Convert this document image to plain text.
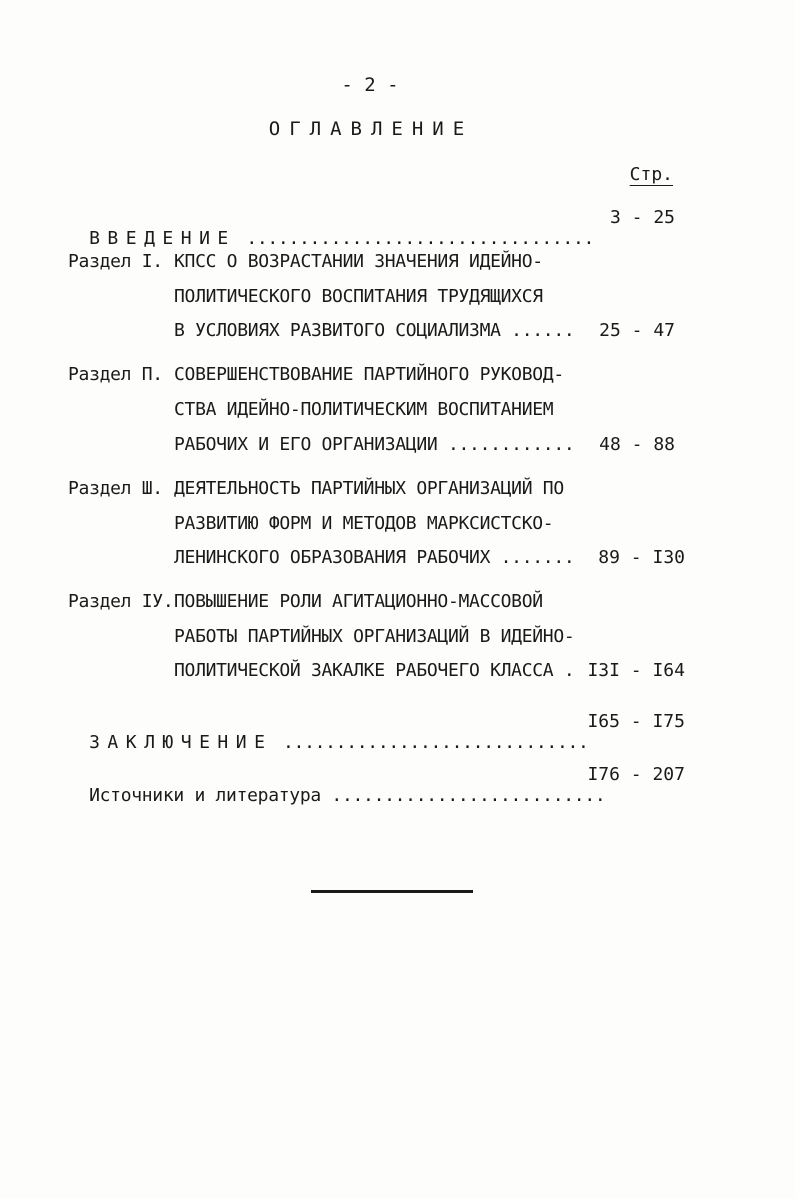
- 2 -
ОГЛАВЛЕНИЕ
Стр.

ВВЕДЕНИЕ .................................

3 - 25
Раздел I. КПСС О ВОЗРАСТАНИИ ЗНАЧЕНИЯ ИДЕЙНО-
ПОЛИТИЧЕСКОГО ВОСПИТАНИЯ ТРУДЯЩИХСЯ
В УСЛОВИЯХ РАЗВИТОГО СОЦИАЛИЗМА ...... 25 - 47
Раздел П. СОВЕРШЕНСТВОВАНИЕ ПАРТИЙНОГО РУКОВОД-
СТВА ИДЕЙНО-ПОЛИТИЧЕСКИМ ВОСПИТАНИЕМ
РАБОЧИХ И ЕГО ОРГАНИЗАЦИИ ............ 48 - 88
Раздел Ш. ДЕЯТЕЛЬНОСТЬ ПАРТИЙНЫХ ОРГАНИЗАЦИЙ ПО
РАЗВИТИЮ ФОРМ И МЕТОДОВ МАРКСИСТСКО-
ЛЕНИНСКОГО ОБРАЗОВАНИЯ РАБОЧИХ ....... 89 - I30
Раздел IУ. ПОВЫШЕНИЕ РОЛИ АГИТАЦИОННО-МАССОВОЙ
РАБОТЫ ПАРТИЙНЫХ ОРГАНИЗАЦИЙ В ИДЕЙНО-
ПОЛИТИЧЕСКОЙ ЗАКАЛКЕ РАБОЧЕГО КЛАССА . I3I - I64

ЗАКЛЮЧЕНИЕ .............................

I65 - I75

Источники и литература ..........................

I76 - 207
